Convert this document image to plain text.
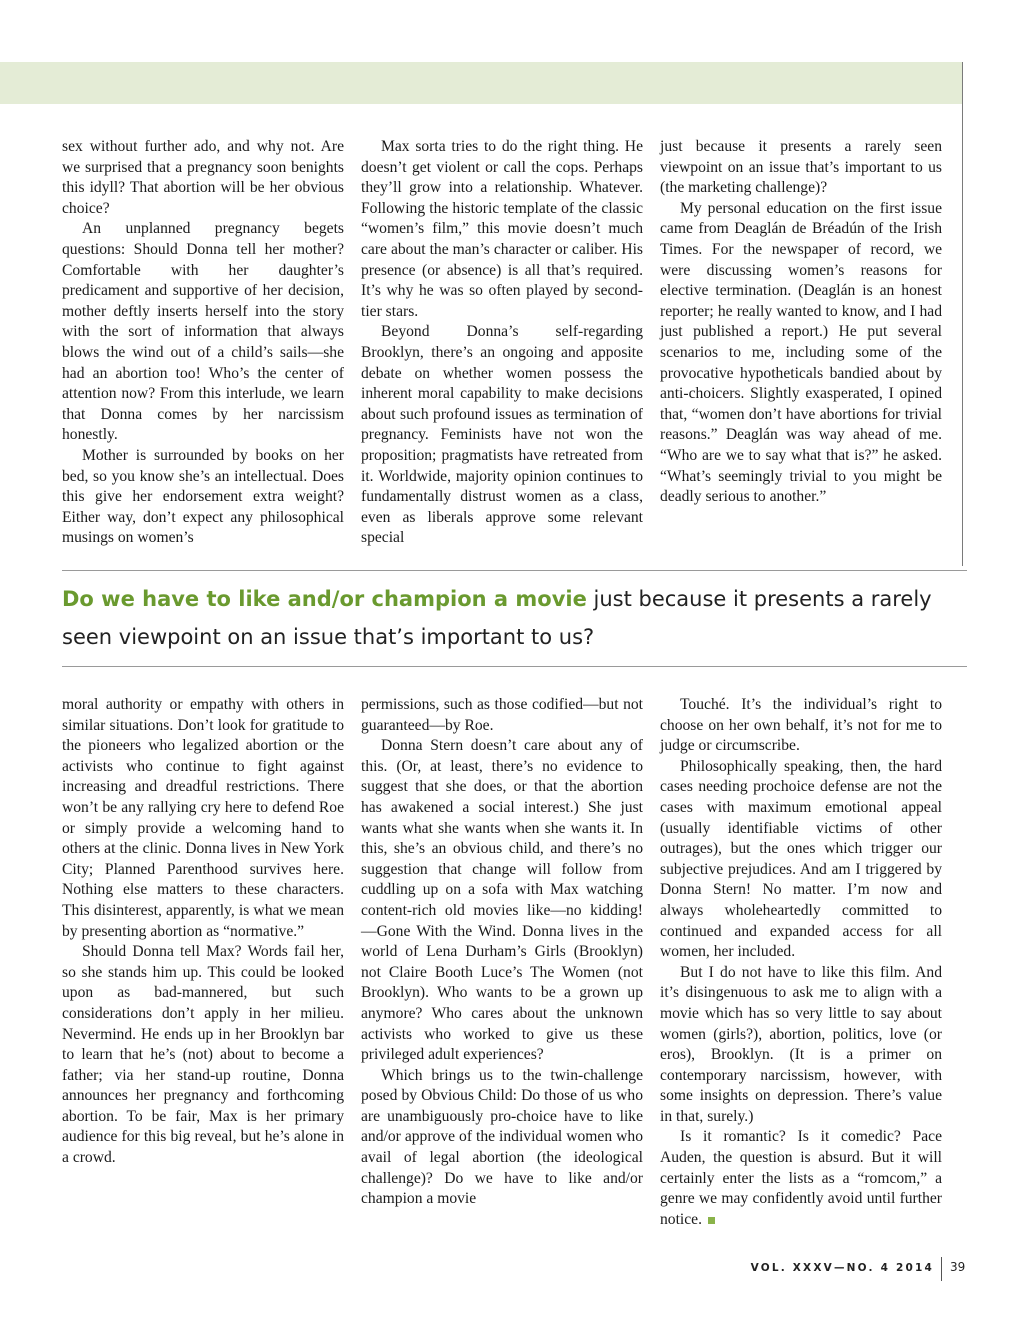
sex without further ado, and why not. Are we surprised that a pregnancy soon benights this idyll? That abortion will be her obvious choice?

An unplanned pregnancy begets questions: Should Donna tell her mother? Comfortable with her daughter’s predicament and supportive of her decision, mother deftly inserts herself into the story with the sort of information that always blows the wind out of a child’s sails—she had an abortion too! Who’s the center of attention now? From this interlude, we learn that Donna comes by her narcissism honestly.

Mother is surrounded by books on her bed, so you know she’s an intellectual. Does this give her endorsement extra weight? Either way, don’t expect any philosophical musings on women’s

Max sorta tries to do the right thing. He doesn’t get violent or call the cops. Perhaps they’ll grow into a relationship. Whatever. Following the historic template of the classic “women’s film,” this movie doesn’t much care about the man’s character or caliber. His presence (or absence) is all that’s required. It’s why he was so often played by second-tier stars.

Beyond Donna’s self-regarding Brooklyn, there’s an ongoing and apposite debate on whether women possess the inherent moral capability to make decisions about such profound issues as termination of pregnancy. Feminists have not won the proposition; pragmatists have retreated from it. Worldwide, majority opinion continues to fundamentally distrust women as a class, even as liberals approve some relevant special

just because it presents a rarely seen viewpoint on an issue that’s important to us (the marketing challenge)?

My personal education on the first issue came from Deaglán de Bréadún of the Irish Times. For the newspaper of record, we were discussing women’s reasons for elective termination. (Deaglán is an honest reporter; he really wanted to know, and I had just published a report.) He put several scenarios to me, including some of the provocative hypotheticals bandied about by anti-choicers. Slightly exasperated, I opined that, “women don’t have abortions for trivial reasons.” Deaglán was way ahead of me. “Who are we to say what that is?” he asked. “What’s seemingly trivial to you might be deadly serious to another.”

Do we have to like and/or champion a movie just because it presents a rarely seen viewpoint on an issue that’s important to us?

moral authority or empathy with others in similar situations. Don’t look for gratitude to the pioneers who legalized abortion or the activists who continue to fight against increasing and dreadful restrictions. There won’t be any rallying cry here to defend Roe or simply provide a welcoming hand to others at the clinic. Donna lives in New York City; Planned Parenthood survives here. Nothing else matters to these characters. This disinterest, apparently, is what we mean by presenting abortion as “normative.”

Should Donna tell Max? Words fail her, so she stands him up. This could be looked upon as bad-mannered, but such considerations don’t apply in her milieu. Nevermind. He ends up in her Brooklyn bar to learn that he’s (not) about to become a father; via her stand-up routine, Donna announces her pregnancy and forthcoming abortion. To be fair, Max is her primary audience for this big reveal, but he’s alone in a crowd.

permissions, such as those codified—but not guaranteed—by Roe.

Donna Stern doesn’t care about any of this. (Or, at least, there’s no evidence to suggest that she does, or that the abortion has awakened a social interest.) She just wants what she wants when she wants it. In this, she’s an obvious child, and there’s no suggestion that change will follow from cuddling up on a sofa with Max watching content-rich old movies like—no kidding! —Gone With the Wind. Donna lives in the world of Lena Durham’s Girls (Brooklyn) not Claire Booth Luce’s The Women (not Brooklyn). Who wants to be a grown up anymore? Who cares about the unknown activists who worked to give us these privileged adult experiences?

Which brings us to the twin-challenge posed by Obvious Child: Do those of us who are unambiguously pro-choice have to like and/or approve of the individual women who avail of legal abortion (the ideological challenge)? Do we have to like and/or champion a movie

Touché. It’s the individual’s right to choose on her own behalf, it’s not for me to judge or circumscribe.

Philosophically speaking, then, the hard cases needing prochoice defense are not the cases with maximum emotional appeal (usually identifiable victims of other outrages), but the ones which trigger our subjective prejudices. And am I triggered by Donna Stern! No matter. I’m now and always wholeheartedly committed to continued and expanded access for all women, her included.

But I do not have to like this film. And it’s disingenuous to ask me to align with a movie which has so very little to say about women (girls?), abortion, politics, love (or eros), Brooklyn. (It is a primer on contemporary narcissism, however, with some insights on depression. There’s value in that, surely.)

Is it romantic? Is it comedic? Pace Auden, the question is absurd. But it will certainly enter the lists as a “romcom,” a genre we may confidently avoid until further notice.

VOL. XXXV—NO. 4 2014 39
